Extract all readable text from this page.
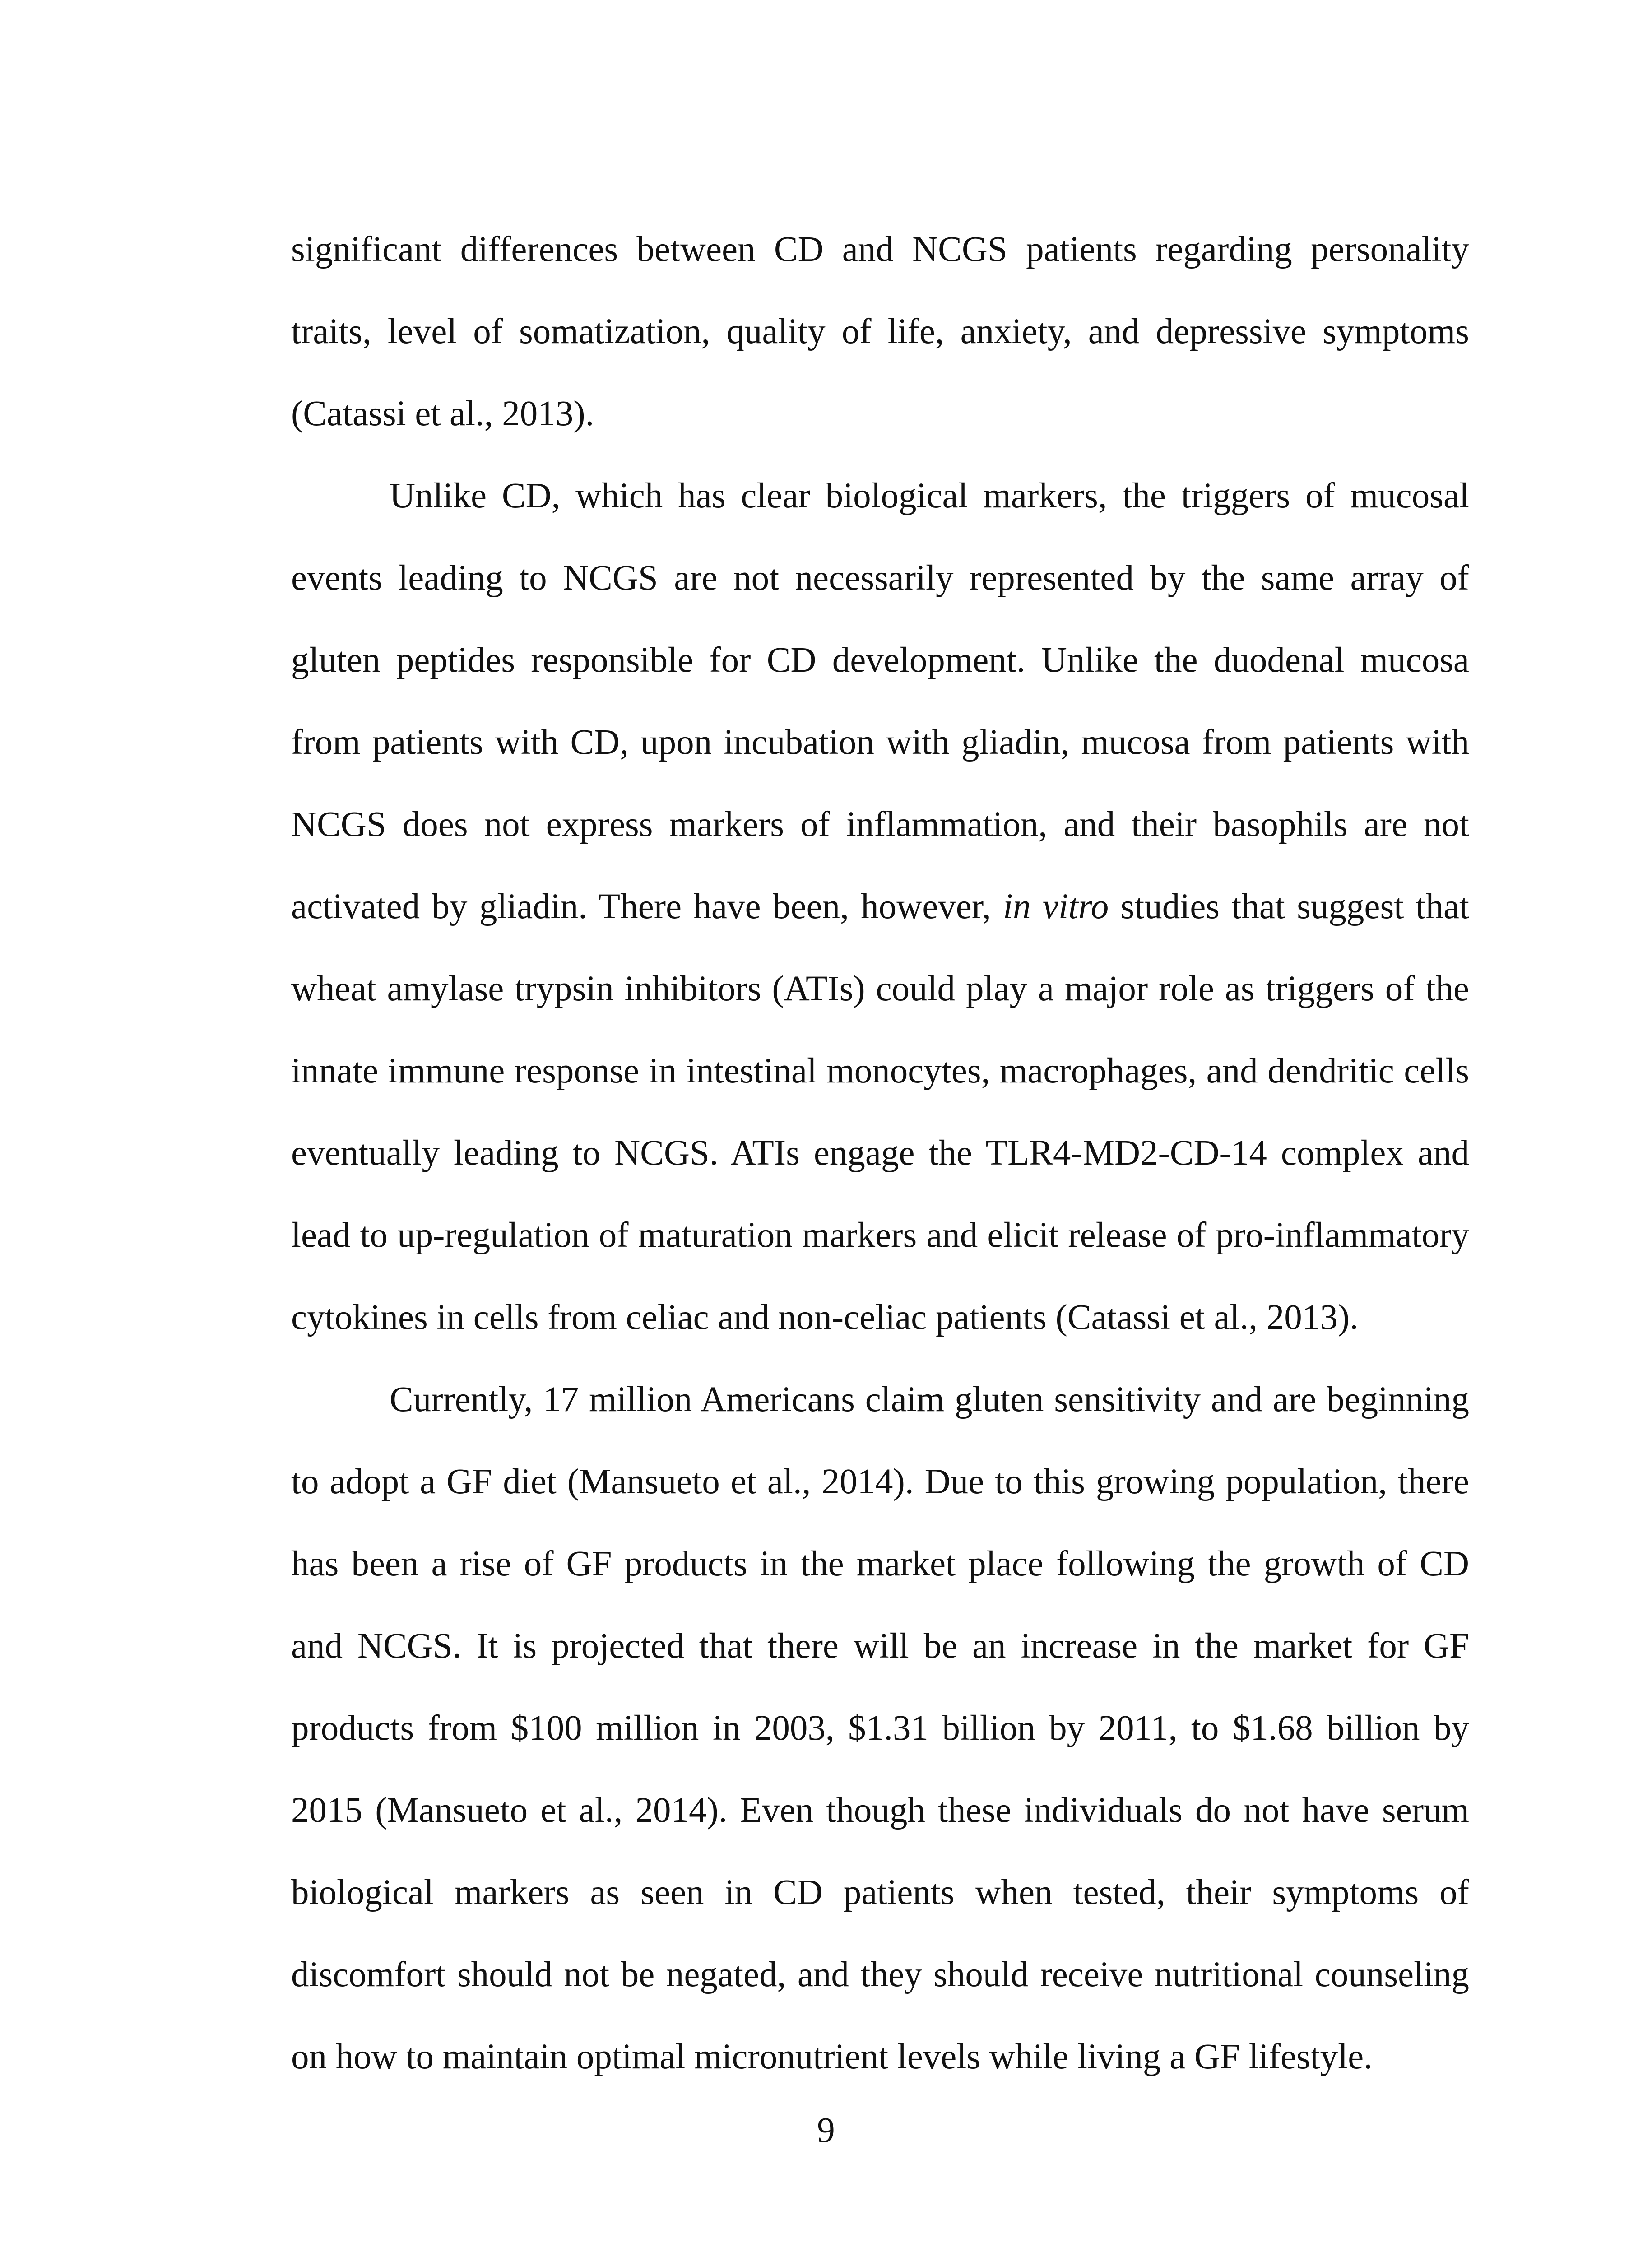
significant differences between CD and NCGS patients regarding personality traits, level of somatization, quality of life, anxiety, and depressive symptoms (Catassi et al., 2013).

Unlike CD, which has clear biological markers, the triggers of mucosal events leading to NCGS are not necessarily represented by the same array of gluten peptides responsible for CD development. Unlike the duodenal mucosa from patients with CD, upon incubation with gliadin, mucosa from patients with NCGS does not express markers of inflammation, and their basophils are not activated by gliadin. There have been, however, in vitro studies that suggest that wheat amylase trypsin inhibitors (ATIs) could play a major role as triggers of the innate immune response in intestinal monocytes, macrophages, and dendritic cells eventually leading to NCGS. ATIs engage the TLR4-MD2-CD-14 complex and lead to up-regulation of maturation markers and elicit release of pro-inflammatory cytokines in cells from celiac and non-celiac patients (Catassi et al., 2013).

Currently, 17 million Americans claim gluten sensitivity and are beginning to adopt a GF diet (Mansueto et al., 2014). Due to this growing population, there has been a rise of GF products in the market place following the growth of CD and NCGS. It is projected that there will be an increase in the market for GF products from $100 million in 2003, $1.31 billion by 2011, to $1.68 billion by 2015 (Mansueto et al., 2014). Even though these individuals do not have serum biological markers as seen in CD patients when tested, their symptoms of discomfort should not be negated, and they should receive nutritional counseling on how to maintain optimal micronutrient levels while living a GF lifestyle.

9
